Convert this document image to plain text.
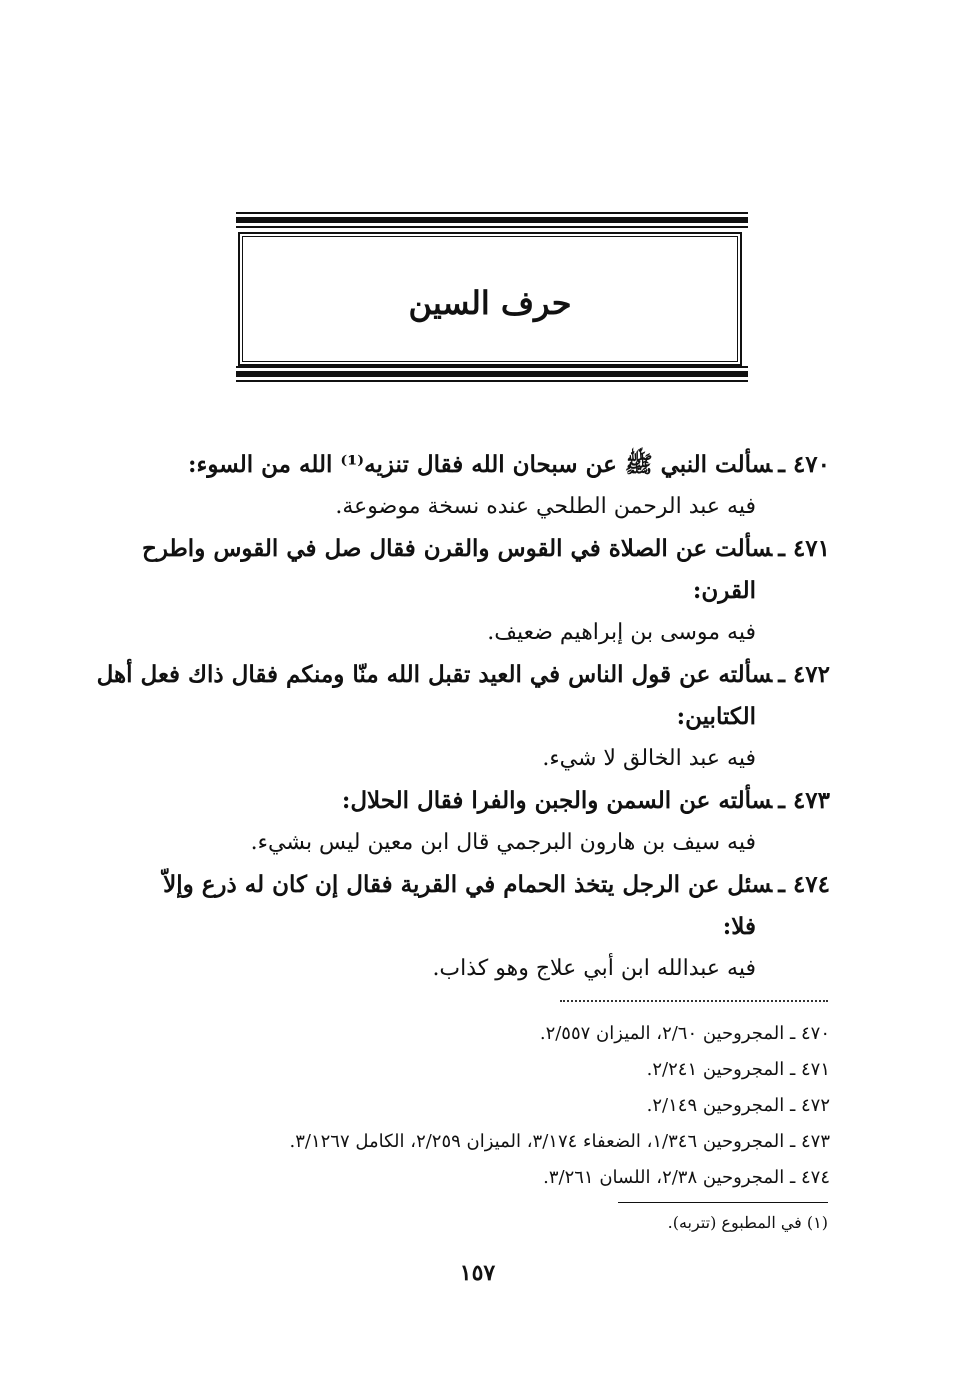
حرف السين
٤٧٠ ـسألت النبي ﷺ عن سبحان الله فقال تنزيه⁽¹⁾ الله من السوء:
فيه عبد الرحمن الطلحي عنده نسخة موضوعة.
٤٧١ ـسألت عن الصلاة في القوس والقرن فقال صل في القوس واطرح
القرن:
فيه موسى بن إبراهيم ضعيف.
٤٧٢ ـسألته عن قول الناس في العيد تقبل الله منّا ومنكم فقال ذاك فعل أهل
الكتابين:
فيه عبد الخالق لا شيء.
٤٧٣ ـسألته عن السمن والجبن والفرا فقال الحلال:
فيه سيف بن هارون البرجمي قال ابن معين ليس بشيء.
٤٧٤ ـسئل عن الرجل يتخذ الحمام في القرية فقال إن كان له ذرع وإلاّ
فلا:
فيه عبدالله ابن أبي علاج وهو كذاب.
٤٧٠ ـ المجروحين ٢/٦٠، الميزان ٢/٥٥٧.
٤٧١ ـ المجروحين ٢/٢٤١.
٤٧٢ ـ المجروحين ٢/١٤٩.
٤٧٣ ـ المجروحين ١/٣٤٦، الضعفاء ٣/١٧٤، الميزان ٢/٢٥٩، الكامل ٣/١٢٦٧.
٤٧٤ ـ المجروحين ٢/٣٨، اللسان ٣/٢٦١.
(١) في المطبوع (تتربه).
١٥٧
